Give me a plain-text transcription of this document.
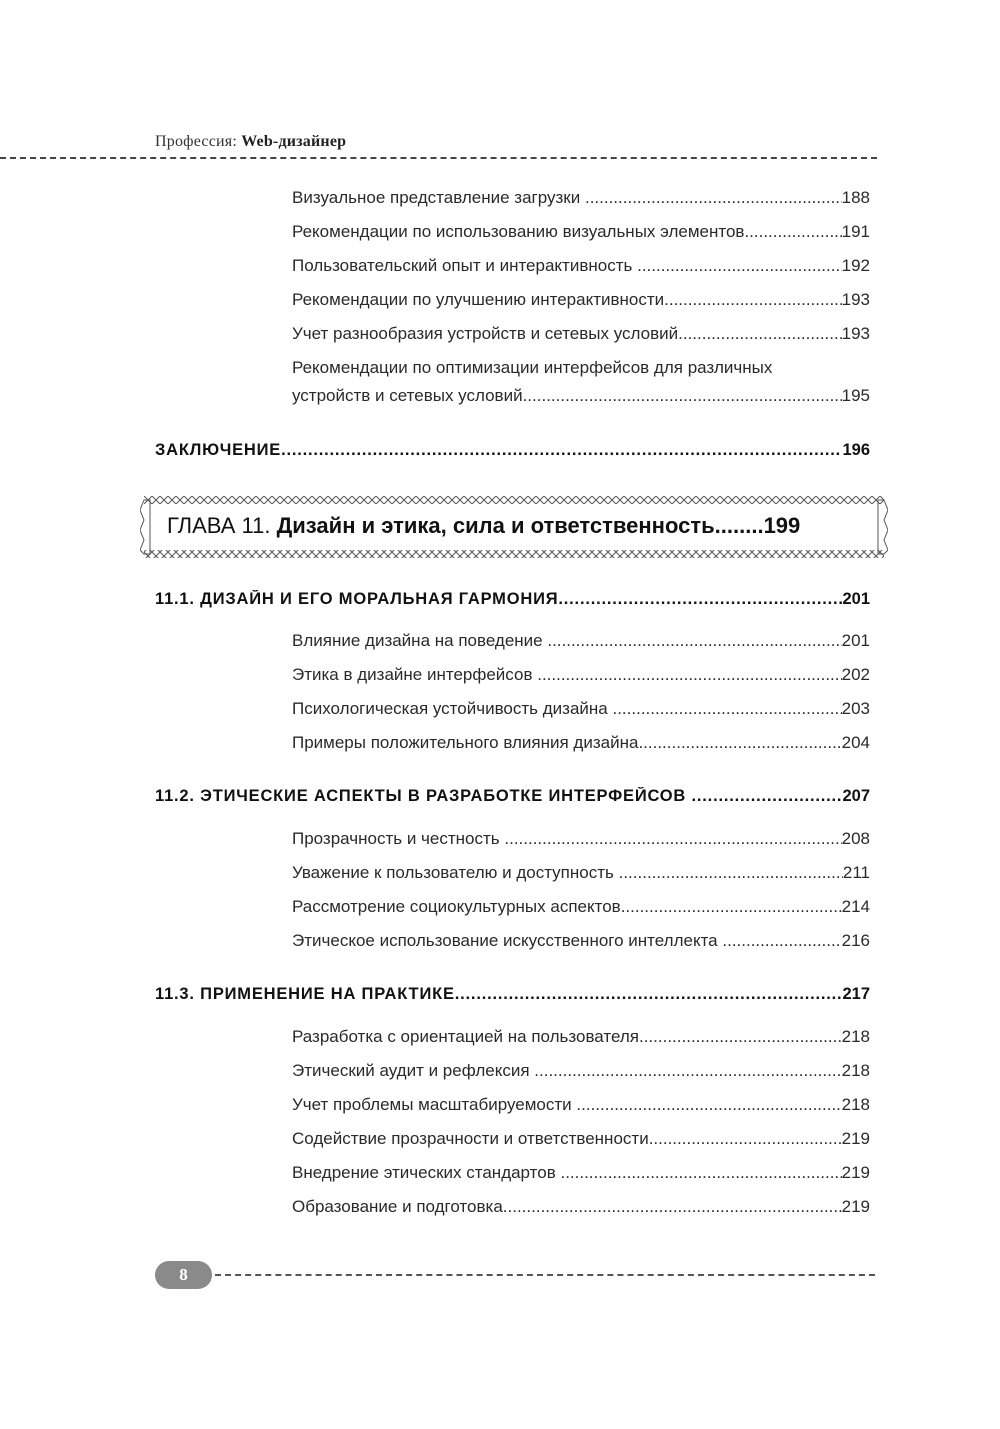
Профессия: Web-дизайнер
Визуальное представление загрузки .....	188
Рекомендации по использованию визуальных элементов .....	191
Пользовательский опыт и интерактивность .....	192
Рекомендации по улучшению интерактивности .....	193
Учет разнообразия устройств и сетевых условий .....	193
Рекомендации по оптимизации интерфейсов для различных
устройств и сетевых условий .....	195
ЗАКЛЮЧЕНИЕ .....	196
ГЛАВА 11.
Дизайн и этика, сила и ответственность ........ 199
11.1. ДИЗАЙН И ЕГО МОРАЛЬНАЯ ГАРМОНИЯ .....	201
Влияние дизайна на поведение .....	201
Этика в дизайне интерфейсов .....	202
Психологическая устойчивость дизайна .....	203
Примеры положительного влияния дизайна .....	204
11.2. ЭТИЧЕСКИЕ АСПЕКТЫ В РАЗРАБОТКЕ ИНТЕРФЕЙСОВ .....	207
Прозрачность и честность .....	208
Уважение к пользователю и доступность .....	211
Рассмотрение социокультурных аспектов .....	214
Этическое использование искусственного интеллекта .....	216
11.3. ПРИМЕНЕНИЕ НА ПРАКТИКЕ .....	217
Разработка с ориентацией на пользователя .....	218
Этический аудит и рефлексия .....	218
Учет проблемы масштабируемости .....	218
Содействие прозрачности и ответственности .....	219
Внедрение этических стандартов .....	219
Образование и подготовка .....	219
8
